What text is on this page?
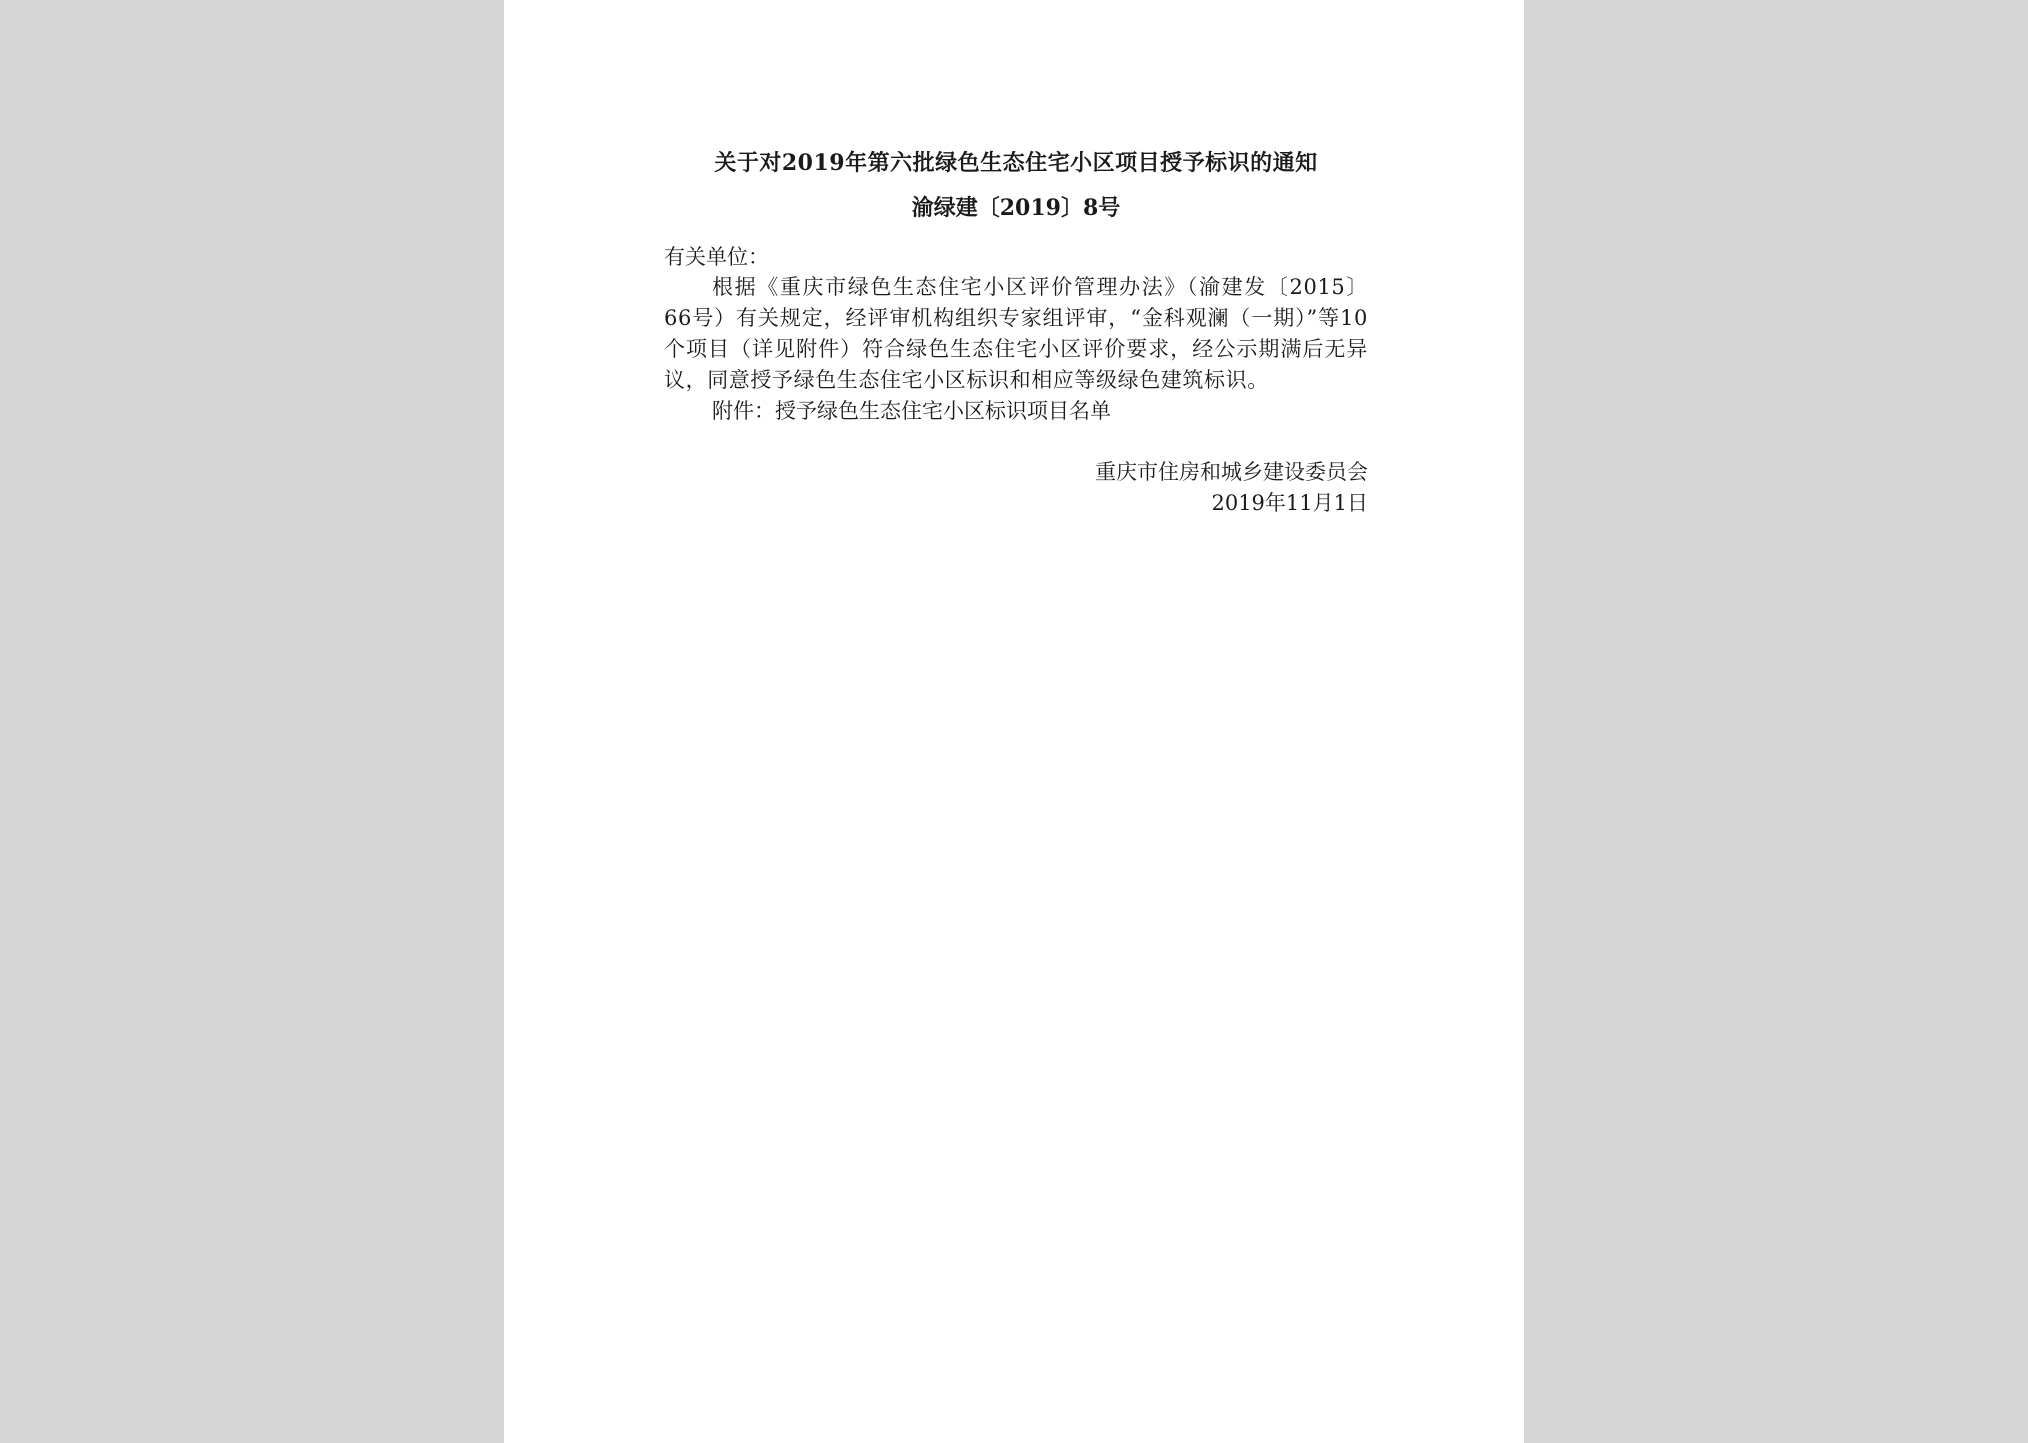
关于对2019年第六批绿色生态住宅小区项目授予标识的通知
渝绿建〔2019〕8号

有关单位：

根据《重庆市绿色生态住宅小区评价管理办法》（渝建发〔2015〕66号）有关规定，经评审机构组织专家组评审，“金科观澜（一期）”等10个项目（详见附件）符合绿色生态住宅小区评价要求，经公示期满后无异议，同意授予绿色生态住宅小区标识和相应等级绿色建筑标识。

附件：授予绿色生态住宅小区标识项目名单

重庆市住房和城乡建设委员会
2019年11月1日
